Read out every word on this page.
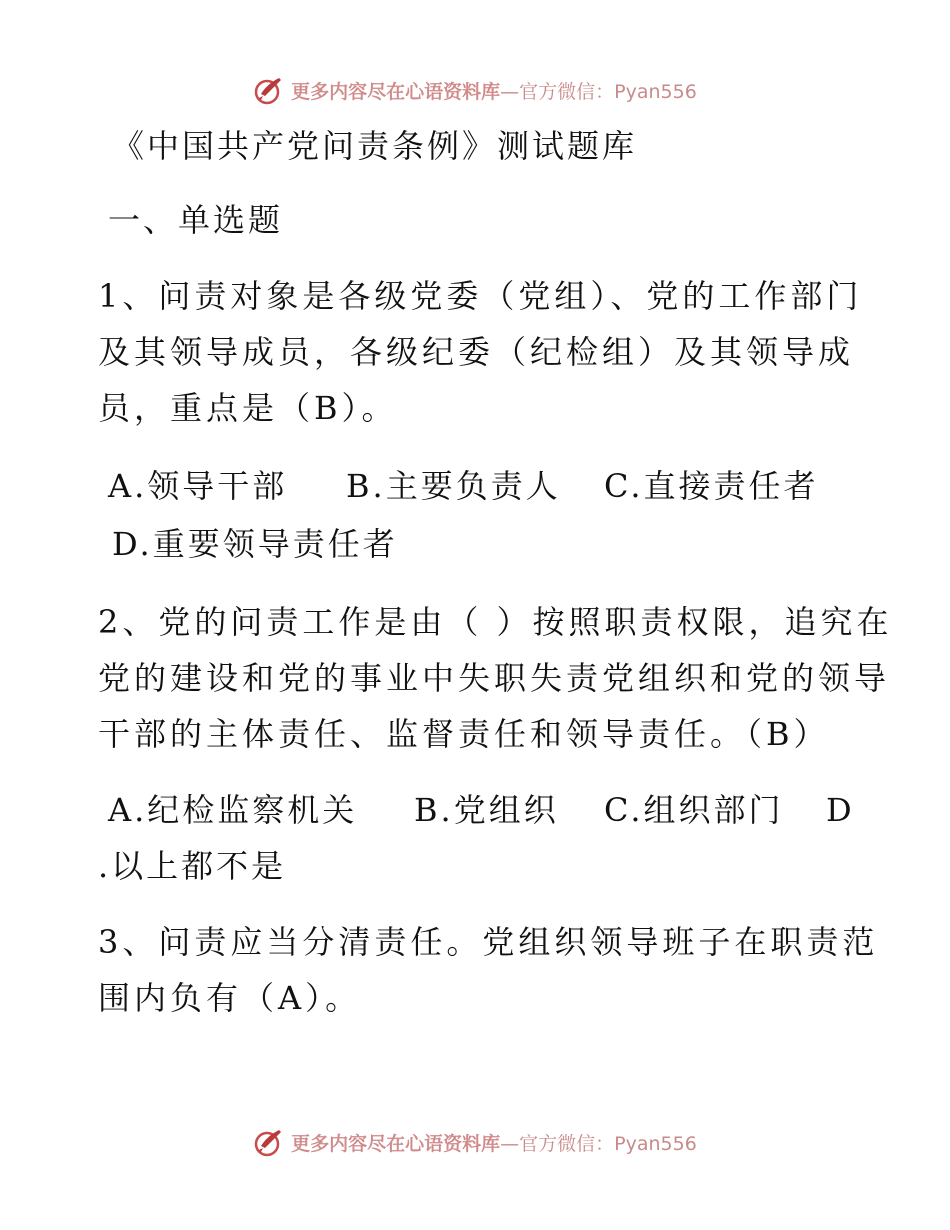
更多内容尽在心语资料库—官方微信：Pyan556
《中国共产党问责条例》测试题库
一、单选题
1、问责对象是各级党委（党组）、党的工作部门
及其领导成员，各级纪委（纪检组）及其领导成
员，重点是（B）。
A.领导干部 B.主要负责人 C.直接责任者
D.重要领导责任者
2、党的问责工作是由（ ）按照职责权限，追究在
党的建设和党的事业中失职失责党组织和党的领导
干部的主体责任、监督责任和领导责任。（B）
A.纪检监察机关 B.党组织 C.组织部门 D
.以上都不是
3、问责应当分清责任。党组织领导班子在职责范
围内负有（A）。
更多内容尽在心语资料库—官方微信：Pyan556
